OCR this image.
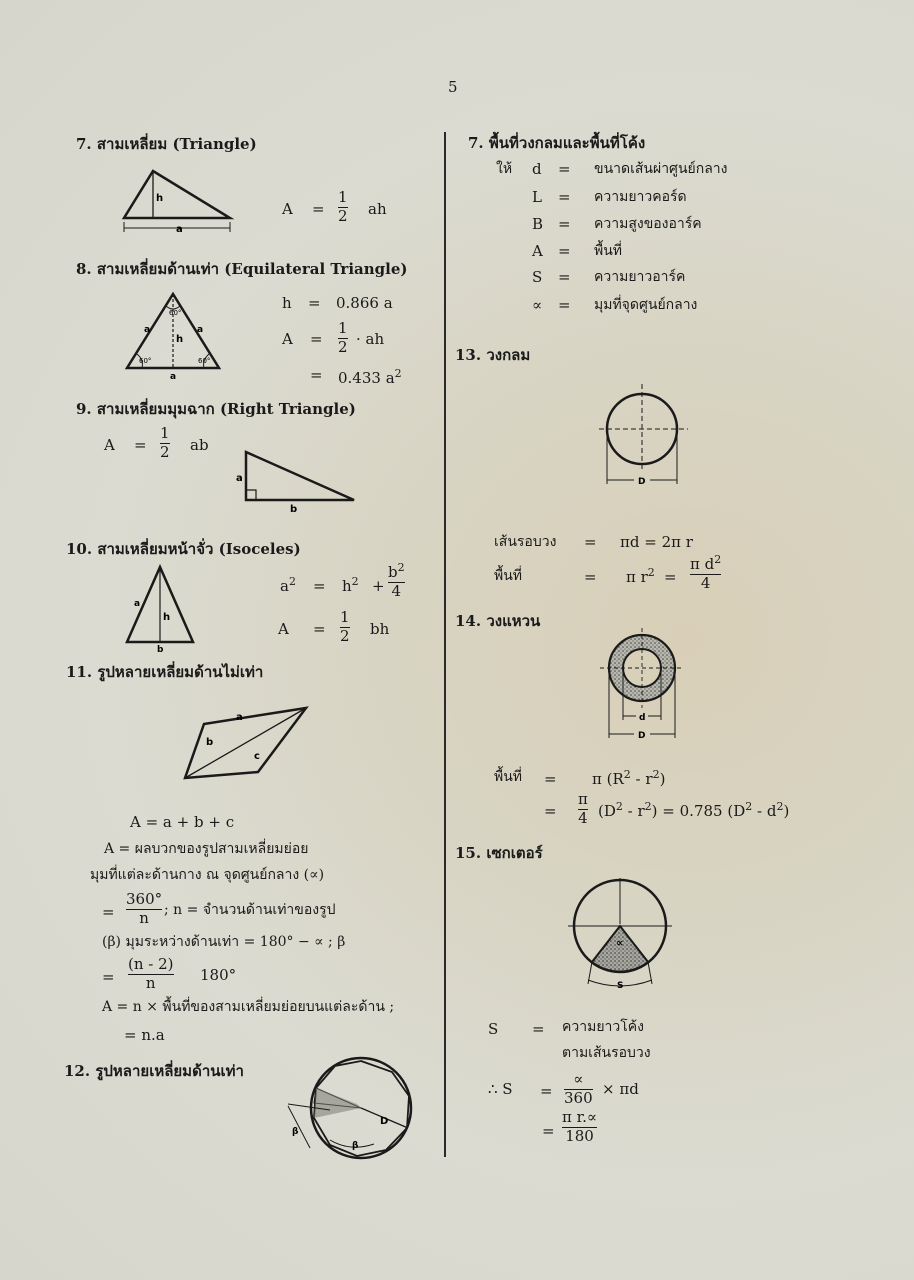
5
7. สามเหลี่ยม (Triangle)
h
a
A =
1
2 ah
8. สามเหลี่ยมด้านเท่า (Equilateral Triangle)
60°
60°	60°
a	a
a
h
h = 0.866 a
A =
1
2 · ah
= 0.433 $a^2$
9. สามเหลี่ยมมุมฉาก (Right Triangle)
A =
1
2 ab
a
b
10. สามเหลี่ยมหน้าจั่ว (Isoceles)
a
h
b
$a^2 = h^2$ +
$b^2$
4
A =
1
2 bh
11. รูปหลายเหลี่ยมด้านไม่เท่า
a
b
c
A = a + b + c
A = ผลบวกของรูปสามเหลี่ยมย่อย
มุมที่แต่ละด้านกาง ณ จุดศูนย์กลาง (∝)
=
360°
n ; n = จำนวนด้านเท่าของรูป
(β) มุมระหว่างด้านเท่า = 180° − ∝ ; β
=
(n - 2)
n	180°
A = n × พื้นที่ของสามเหลี่ยมย่อยบนแต่ละด้าน ;
= n.a
12. รูปหลายเหลี่ยมด้านเท่า
β
β
D
7. พื้นที่วงกลมและพื้นที่โค้ง
13. วงกลม
D
เส้นรอบวง = πd = 2π r
พื้นที่	= π $r^2$ =
π $d^2$
4
14. วงแหวน
d
D
พื้นที่ = π $(R^2 - r^2)$
=
π
4 $(D^2 - r^2) = 0.785$ $(D^2 - d^2)$
15. เซกเตอร์
∝
S
S = ความยาวโค้ง
ตามเส้นรอบวง
∴ S =
∝
360 × πd
=
π r.∝
180
ให้ d = ขนาดเส้นผ่าศูนย์กลาง
L = ความยาวคอร์ด
B = ความสูงของอาร์ค
A = พื้นที่
S = ความยาวอาร์ค
∝ = มุมที่จุดศูนย์กลาง
